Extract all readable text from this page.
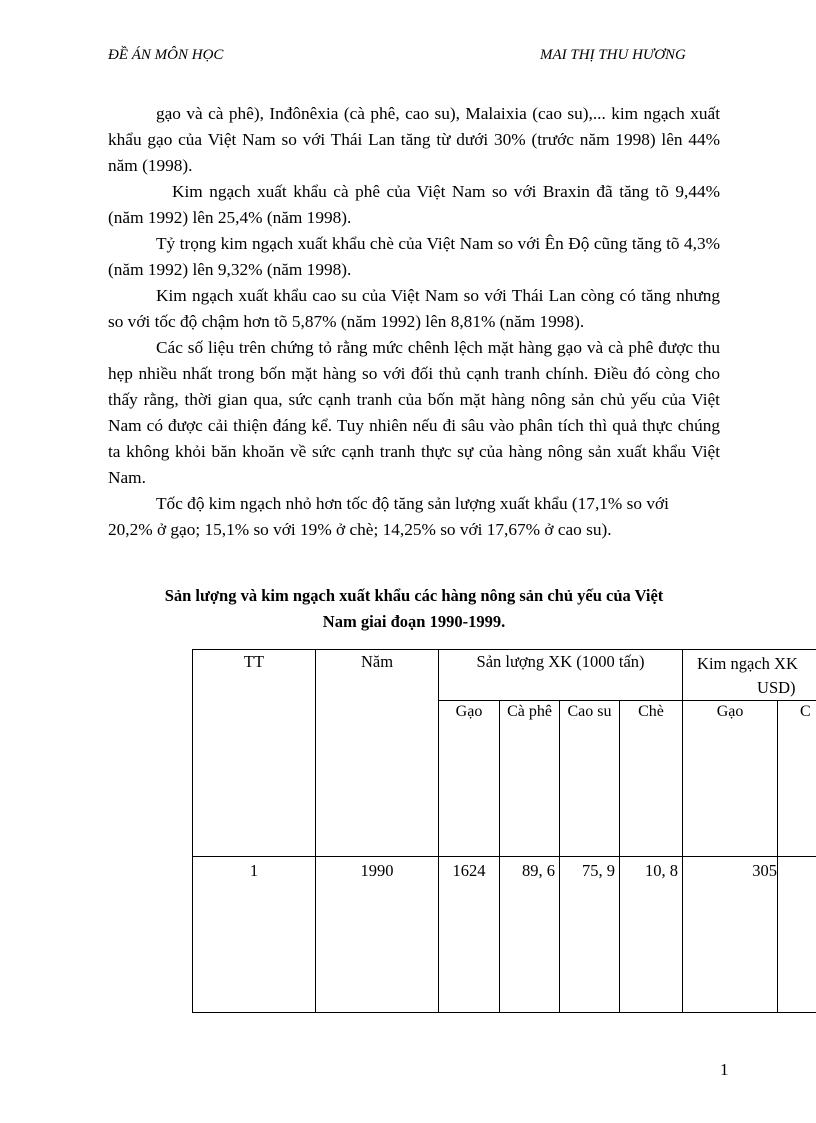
ĐỀ ÁN MÔN HỌC	MAI THỊ THU HƯƠNG

gạo và cà phê), Inđônêxia (cà phê, cao su), Malaixia (cao su),... kim ngạch xuất khẩu gạo của Việt Nam so với Thái Lan tăng từ dưới 30% (trước năm 1998) lên 44% năm (1998).

Kim ngạch xuất khẩu cà phê của Việt Nam so với Braxin đã tăng tõ 9,44% (năm 1992) lên 25,4% (năm 1998).

Tỷ trọng kim ngạch xuất khẩu chè của Việt Nam so với Ên Độ cũng tăng tõ 4,3% (năm 1992) lên 9,32% (năm 1998).

Kim ngạch xuất khẩu cao su của Việt Nam so với Thái Lan còng có tăng nhưng so với tốc độ chậm hơn tõ 5,87% (năm 1992) lên 8,81% (năm 1998).

Các số liệu trên chứng tỏ rằng mức chênh lệch mặt hàng gạo và cà phê được thu hẹp nhiều nhất trong bốn mặt hàng so với đối thủ cạnh tranh chính. Điều đó còng cho thấy rằng, thời gian qua, sức cạnh tranh của bốn mặt hàng nông sản chủ yếu của Việt Nam có được cải thiện đáng kể. Tuy nhiên nếu đi sâu vào phân tích thì quả thực chúng ta không khỏi băn khoăn về sức cạnh tranh thực sự của hàng nông sản xuất khẩu Việt Nam.

Tốc độ kim ngạch nhỏ hơn tốc độ tăng sản lượng xuất khẩu (17,1% so với

20,2% ở gạo; 15,1% so với 19% ở chè; 14,25% so với 17,67% ở cao su).

Sản lượng và kim ngạch xuất khẩu các hàng nông sản chủ yếu của Việt
Nam giai đoạn 1990-1999.
TT	Năm	Sản lượng XK (1000 tấn)				Kim ngạch XK
USD)	

		Gạo	Cà phê	Cao su	Chè	Gạo	C
1	1990	1624	89, 6	75, 9	10, 8	305	
1
